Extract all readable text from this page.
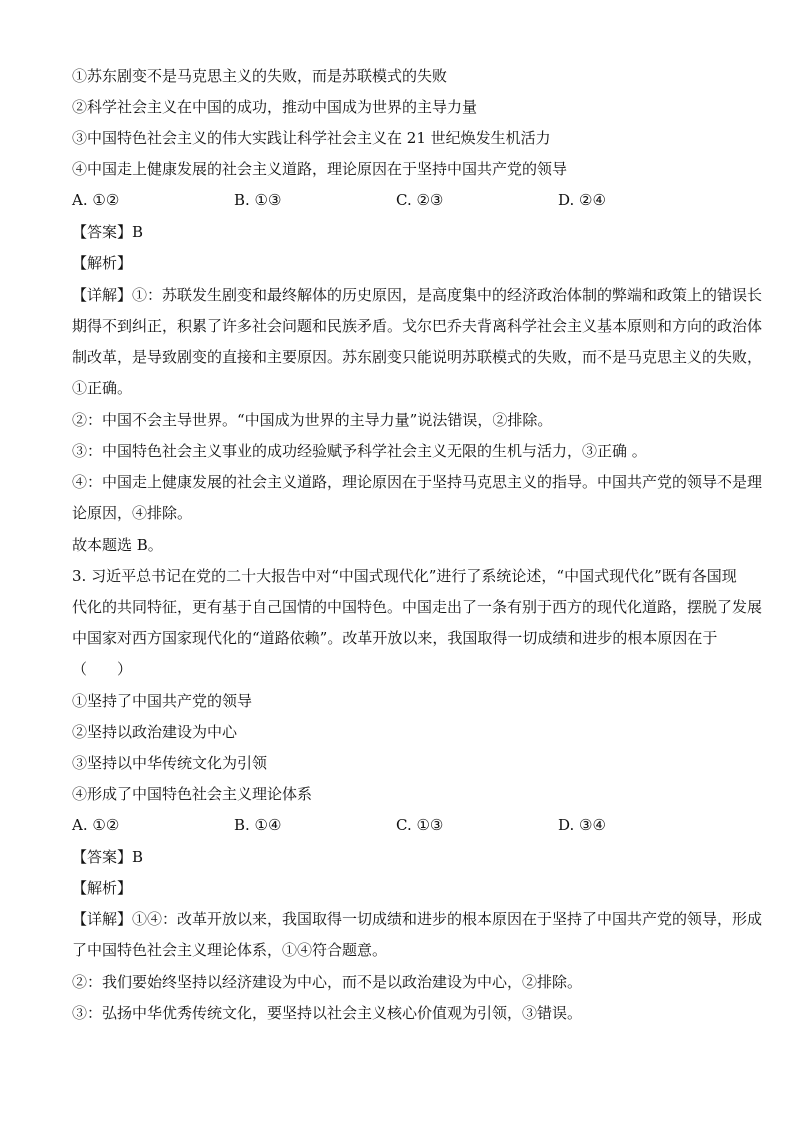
①苏东剧变不是马克思主义的失败，而是苏联模式的失败
②科学社会主义在中国的成功，推动中国成为世界的主导力量
③中国特色社会主义的伟大实践让科学社会主义在 21 世纪焕发生机活力
④中国走上健康发展的社会主义道路，理论原因在于坚持中国共产党的领导
A. ①②	B. ①③	C. ②③	D. ②④
【答案】B
【解析】
【详解】①：苏联发生剧变和最终解体的历史原因，是高度集中的经济政治体制的弊端和政策上的错误长
期得不到纠正，积累了许多社会问题和民族矛盾。戈尔巴乔夫背离科学社会主义基本原则和方向的政治体
制改革，是导致剧变的直接和主要原因。苏东剧变只能说明苏联模式的失败，而不是马克思主义的失败，
①正确。
②：中国不会主导世界。“中国成为世界的主导力量”说法错误，②排除。
③：中国特色社会主义事业的成功经验赋予科学社会主义无限的生机与活力，③正确 。
④：中国走上健康发展的社会主义道路，理论原因在于坚持马克思主义的指导。中国共产党的领导不是理
论原因，④排除。
故本题选 B。
3. 习近平总书记在党的二十大报告中对“中国式现代化”进行了系统论述，“中国式现代化”既有各国现
代化的共同特征，更有基于自己国情的中国特色。中国走出了一条有别于西方的现代化道路，摆脱了发展
中国家对西方国家现代化的“道路依赖”。改革开放以来，我国取得一切成绩和进步的根本原因在于
（　　）
①坚持了中国共产党的领导
②坚持以政治建设为中心
③坚持以中华传统文化为引领
④形成了中国特色社会主义理论体系
A. ①②	B. ①④	C. ①③	D. ③④
【答案】B
【解析】
【详解】①④：改革开放以来，我国取得一切成绩和进步的根本原因在于坚持了中国共产党的领导，形成
了中国特色社会主义理论体系，①④符合题意。
②：我们要始终坚持以经济建设为中心，而不是以政治建设为中心，②排除。
③：弘扬中华优秀传统文化，要坚持以社会主义核心价值观为引领，③错误。
